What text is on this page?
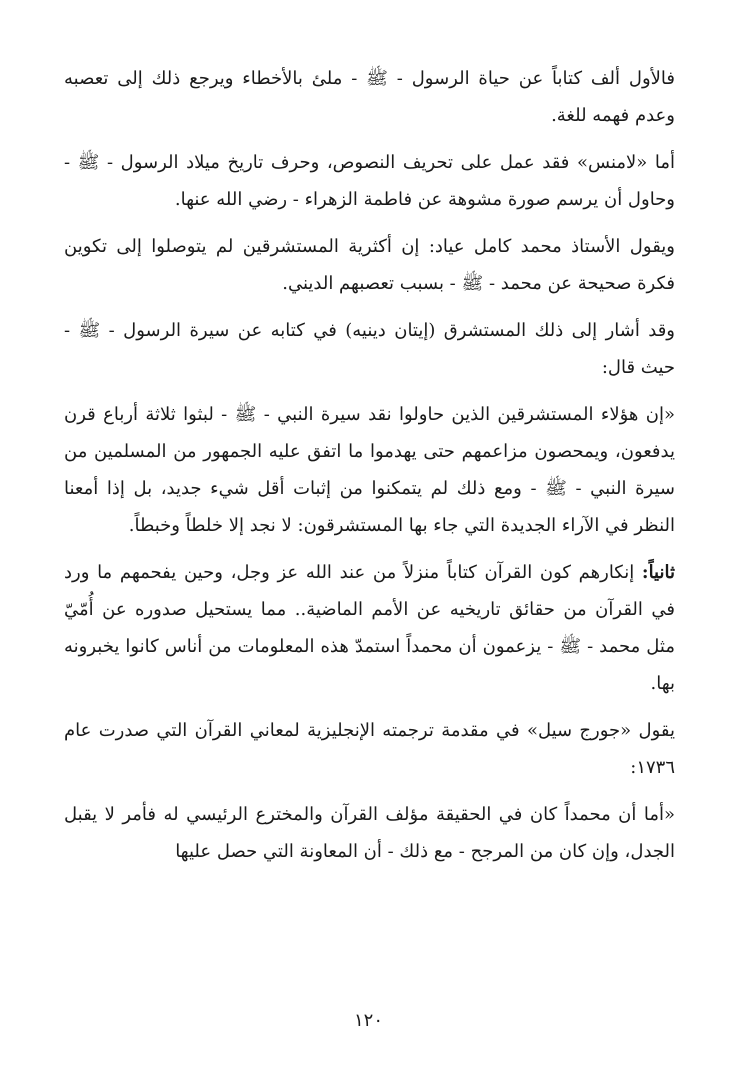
فالأول ألف كتاباً عن حياة الرسول - ﷺ - ملئ بالأخطاء ويرجع ذلك إلى تعصبه وعدم فهمه للغة.

أما «لامنس» فقد عمل على تحريف النصوص، وحرف تاريخ ميلاد الرسول - ﷺ - وحاول أن يرسم صورة مشوهة عن فاطمة الزهراء - رضي الله عنها.

ويقول الأستاذ محمد كامل عياد: إن أكثرية المستشرقين لم يتوصلوا إلى تكوين فكرة صحيحة عن محمد - ﷺ - بسبب تعصبهم الديني.

وقد أشار إلى ذلك المستشرق (إيتان دينيه) في كتابه عن سيرة الرسول - ﷺ - حيث قال:

«إن هؤلاء المستشرقين الذين حاولوا نقد سيرة النبي - ﷺ - لبثوا ثلاثة أرباع قرن يدفعون، ويمحصون مزاعمهم حتى يهدموا ما اتفق عليه الجمهور من المسلمين من سيرة النبي - ﷺ - ومع ذلك لم يتمكنوا من إثبات أقل شيء جديد، بل إذا أمعنا النظر في الآراء الجديدة التي جاء بها المستشرقون: لا نجد إلا خلطاً وخبطاً.

ثانياً: إنكارهم كون القرآن كتاباً منزلاً من عند الله عز وجل، وحين يفحمهم ما ورد في القرآن من حقائق تاريخيه عن الأمم الماضية.. مما يستحيل صدوره عن أُمّيّ مثل محمد - ﷺ - يزعمون أن محمداً استمدّ هذه المعلومات من أناس كانوا يخبرونه بها.

يقول «جورج سيل» في مقدمة ترجمته الإنجليزية لمعاني القرآن التي صدرت عام ١٧٣٦:

«أما أن محمداً كان في الحقيقة مؤلف القرآن والمخترع الرئيسي له فأمر لا يقبل الجدل، وإن كان من المرجح - مع ذلك - أن المعاونة التي حصل عليها

١٢٠
